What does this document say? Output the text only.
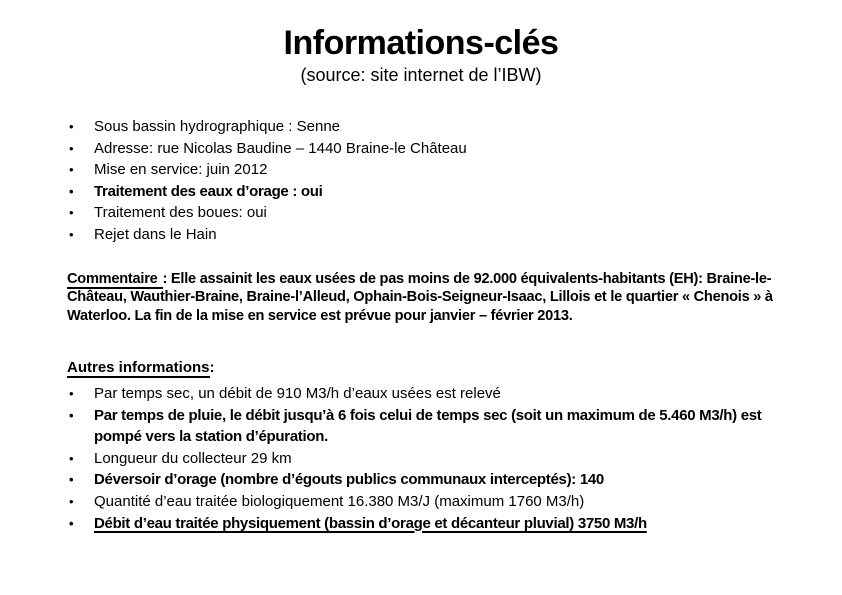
Informations-clés
(source: site internet de l’IBW)
• Sous bassin hydrographique : Senne
• Adresse: rue Nicolas Baudine – 1440 Braine-le Château
• Mise en service: juin 2012
• Traitement des eaux d’orage : oui
• Traitement des boues: oui
• Rejet dans le Hain

Commentaire : Elle assainit les eaux usées de pas moins de 92.000 équivalents-habitants (EH): Braine-le-Château, Wauthier-Braine, Braine-l’Alleud, Ophain-Bois-Seigneur-Isaac, Lillois et le quartier « Chenois » à Waterloo. La fin de la mise en service est prévue pour janvier – février 2013.

Autres informations:
• Par temps sec, un débit de 910 M3/h d’eaux usées est relevé
• Par temps de pluie, le débit jusqu’à 6 fois celui de temps sec (soit un maximum de 5.460 M3/h) est pompé vers la station d’épuration.
• Longueur du collecteur 29 km
• Déversoir d’orage (nombre d’égouts publics communaux interceptés): 140
• Quantité d’eau traitée biologiquement 16.380 M3/J (maximum 1760 M3/h)
• Débit d’eau traitée physiquement (bassin d’orage et décanteur pluvial) 3750 M3/h
